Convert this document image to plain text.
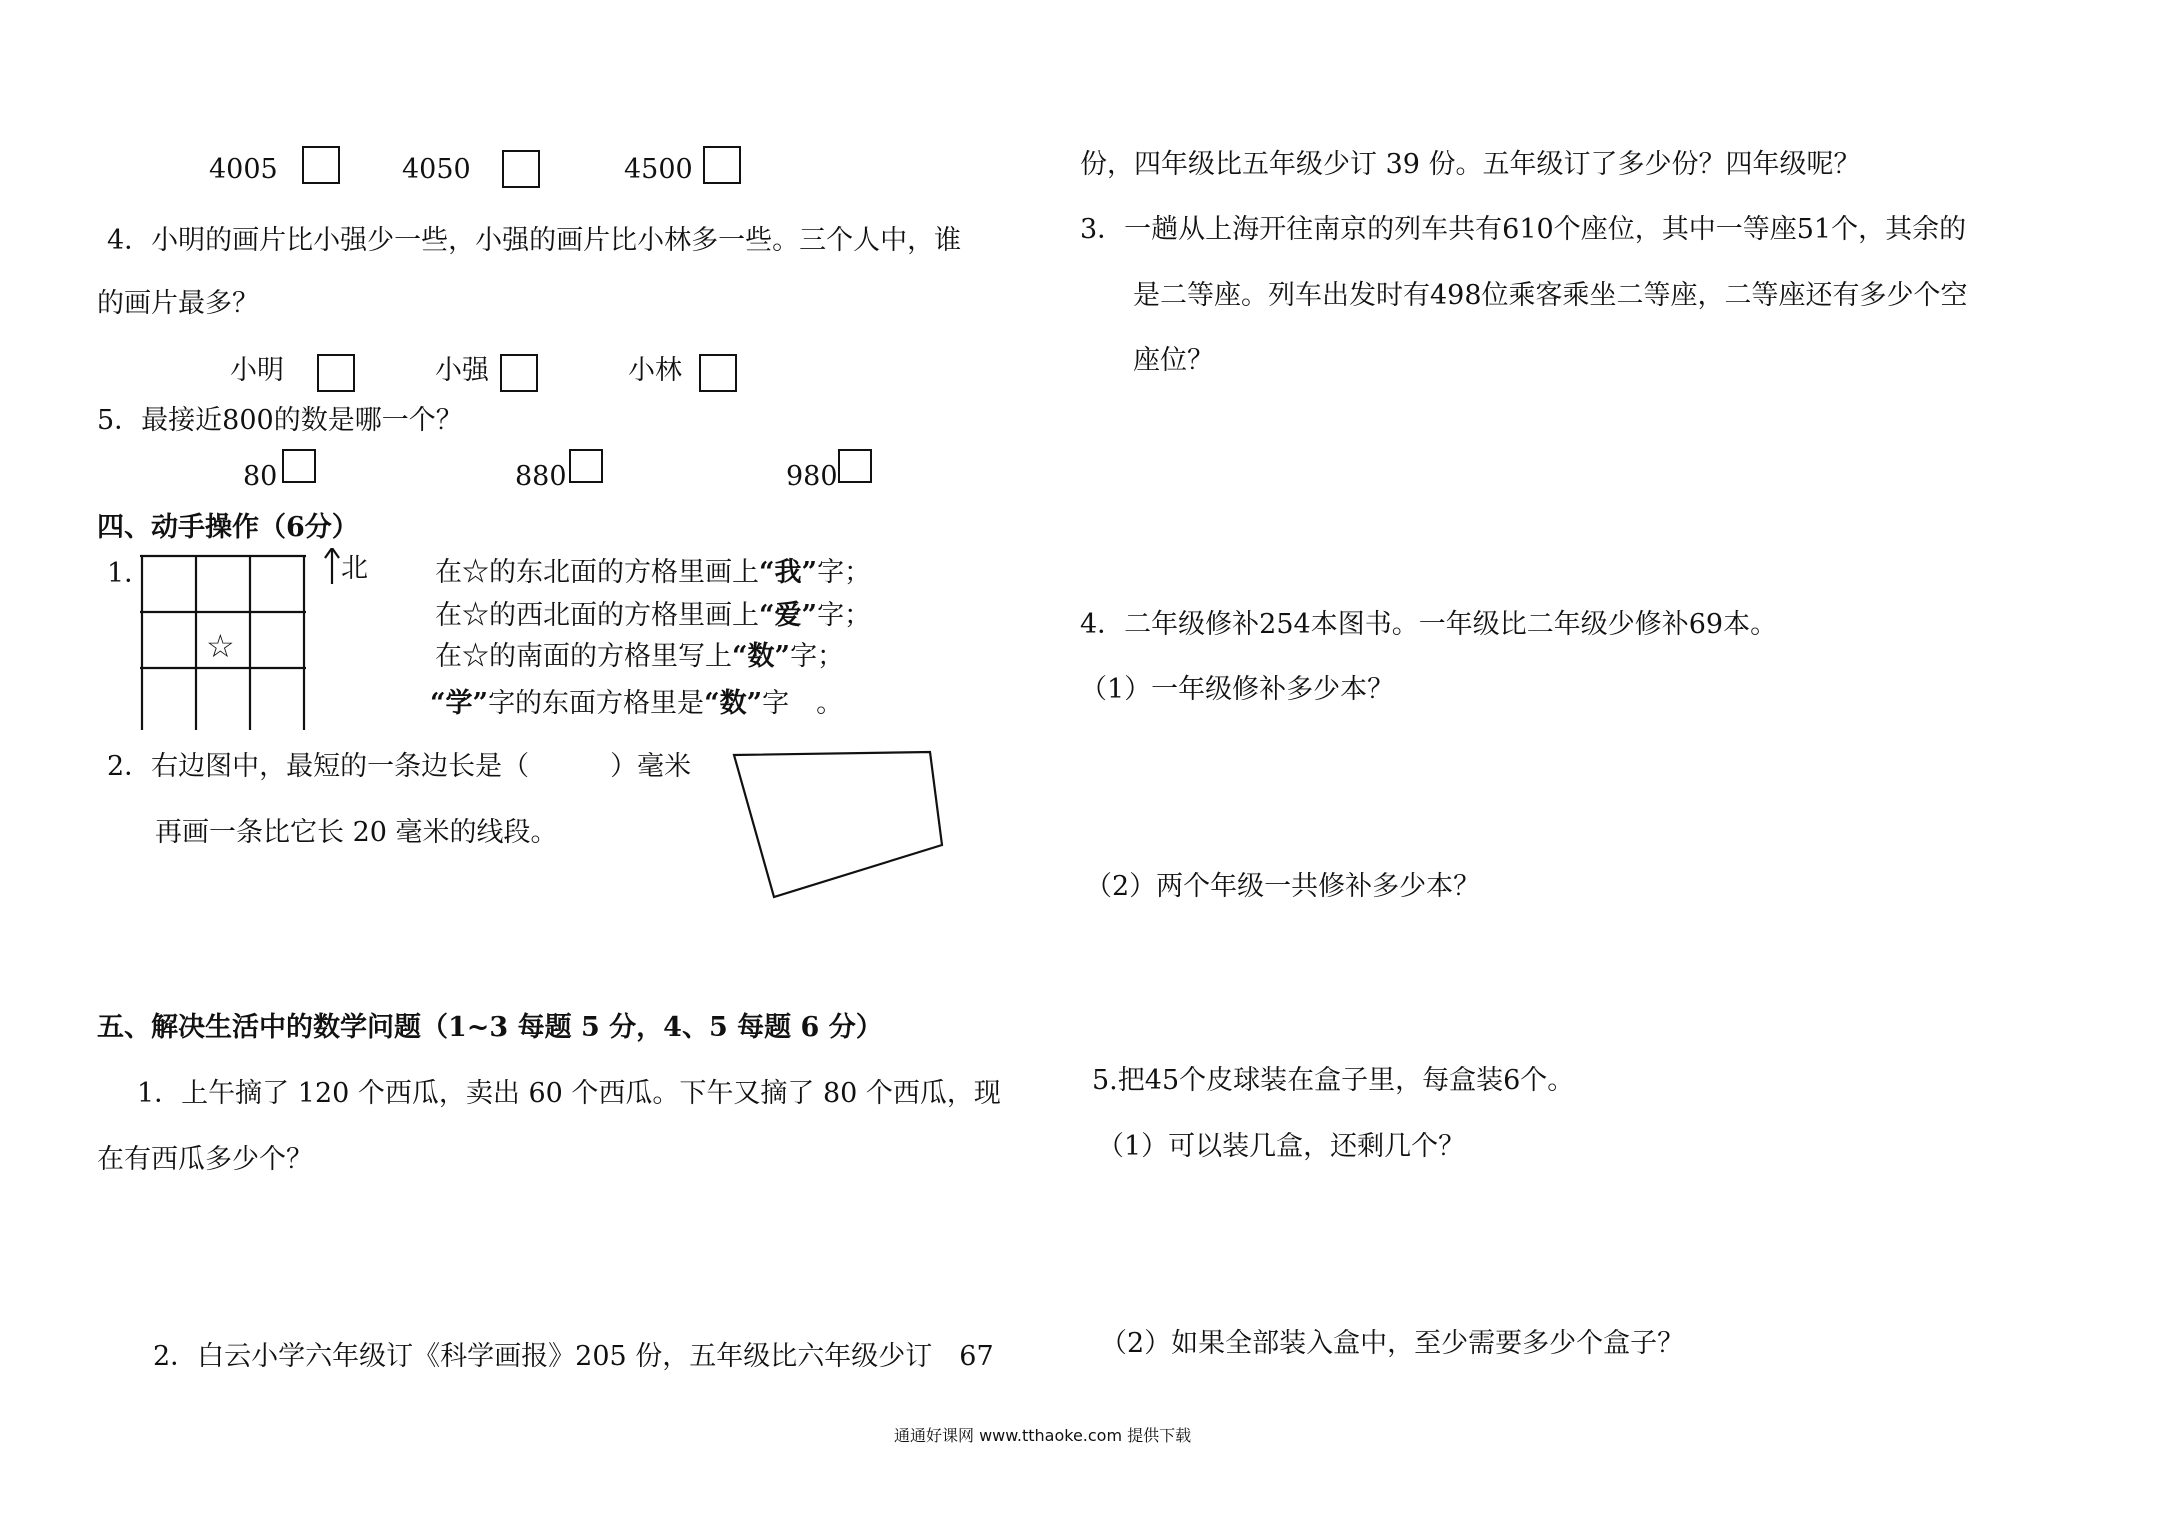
4005	4050	4500
4．小明的画片比小强少一些，小强的画片比小林多一些。三个人中，谁
的画片最多？
小明	小强	小林
5．最接近800的数是哪一个？
80	880	980
四、动手操作（6分）
1．
☆
北 在☆的东北面的方格里画上“我”字；
在☆的西北面的方格里画上“爱”字；
在☆的南面的方格里写上“数”字；
“学”字的东面方格里是“数”字　。
2．右边图中，最短的一条边长是（　　　）毫米
再画一条比它长 20 毫米的线段。
五、解决生活中的数学问题（1~3 每题 5 分，4、5 每题 6 分）
1．上午摘了 120 个西瓜，卖出 60 个西瓜。下午又摘了 80 个西瓜，现
在有西瓜多少个？
2．白云小学六年级订《科学画报》205 份，五年级比六年级少订　67
份，四年级比五年级少订 39 份。五年级订了多少份？四年级呢？
3．一趟从上海开往南京的列车共有610个座位，其中一等座51个，其余的
是二等座。列车出发时有498位乘客乘坐二等座，二等座还有多少个空
座位？
4．二年级修补254本图书。一年级比二年级少修补69本。
（1）一年级修补多少本？
（2）两个年级一共修补多少本？
5.把45个皮球装在盒子里，每盒装6个。
（1）可以装几盒，还剩几个？
（2）如果全部装入盒中，至少需要多少个盒子？
通通好课网 www.tthaoke.com 提供下载
